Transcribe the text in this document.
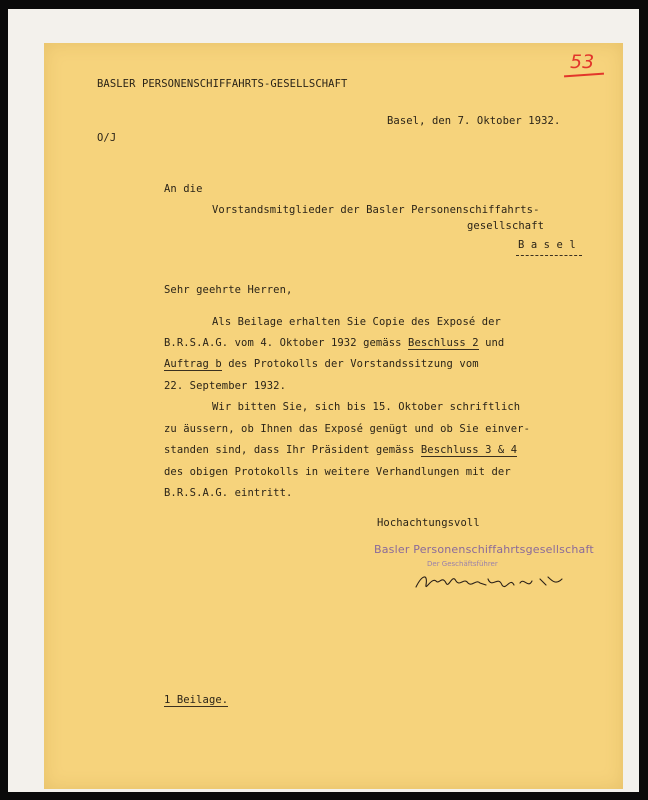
53
BASLER PERSONENSCHIFFAHRTS-GESELLSCHAFT
Basel, den 7. Oktober 1932.
O/J
An die
Vorstandsmitglieder der Basler Personenschiffahrts-
gesellschaft
B a s e l
Sehr geehrte Herren,
Als Beilage erhalten Sie Copie des Exposé der
B.R.S.A.G. vom 4. Oktober 1932 gemäss Beschluss 2 und
Auftrag b des Protokolls der Vorstandssitzung vom
22. September 1932.
Wir bitten Sie, sich bis 15. Oktober schriftlich
zu äussern, ob Ihnen das Exposé genügt und ob Sie einver-
standen sind, dass Ihr Präsident gemäss Beschluss 3 & 4
des obigen Protokolls in weitere Verhandlungen mit der
B.R.S.A.G. eintritt.
Hochachtungsvoll
Basler Personenschiffahrtsgesellschaft
Der Geschäftsführer
1 Beilage.
